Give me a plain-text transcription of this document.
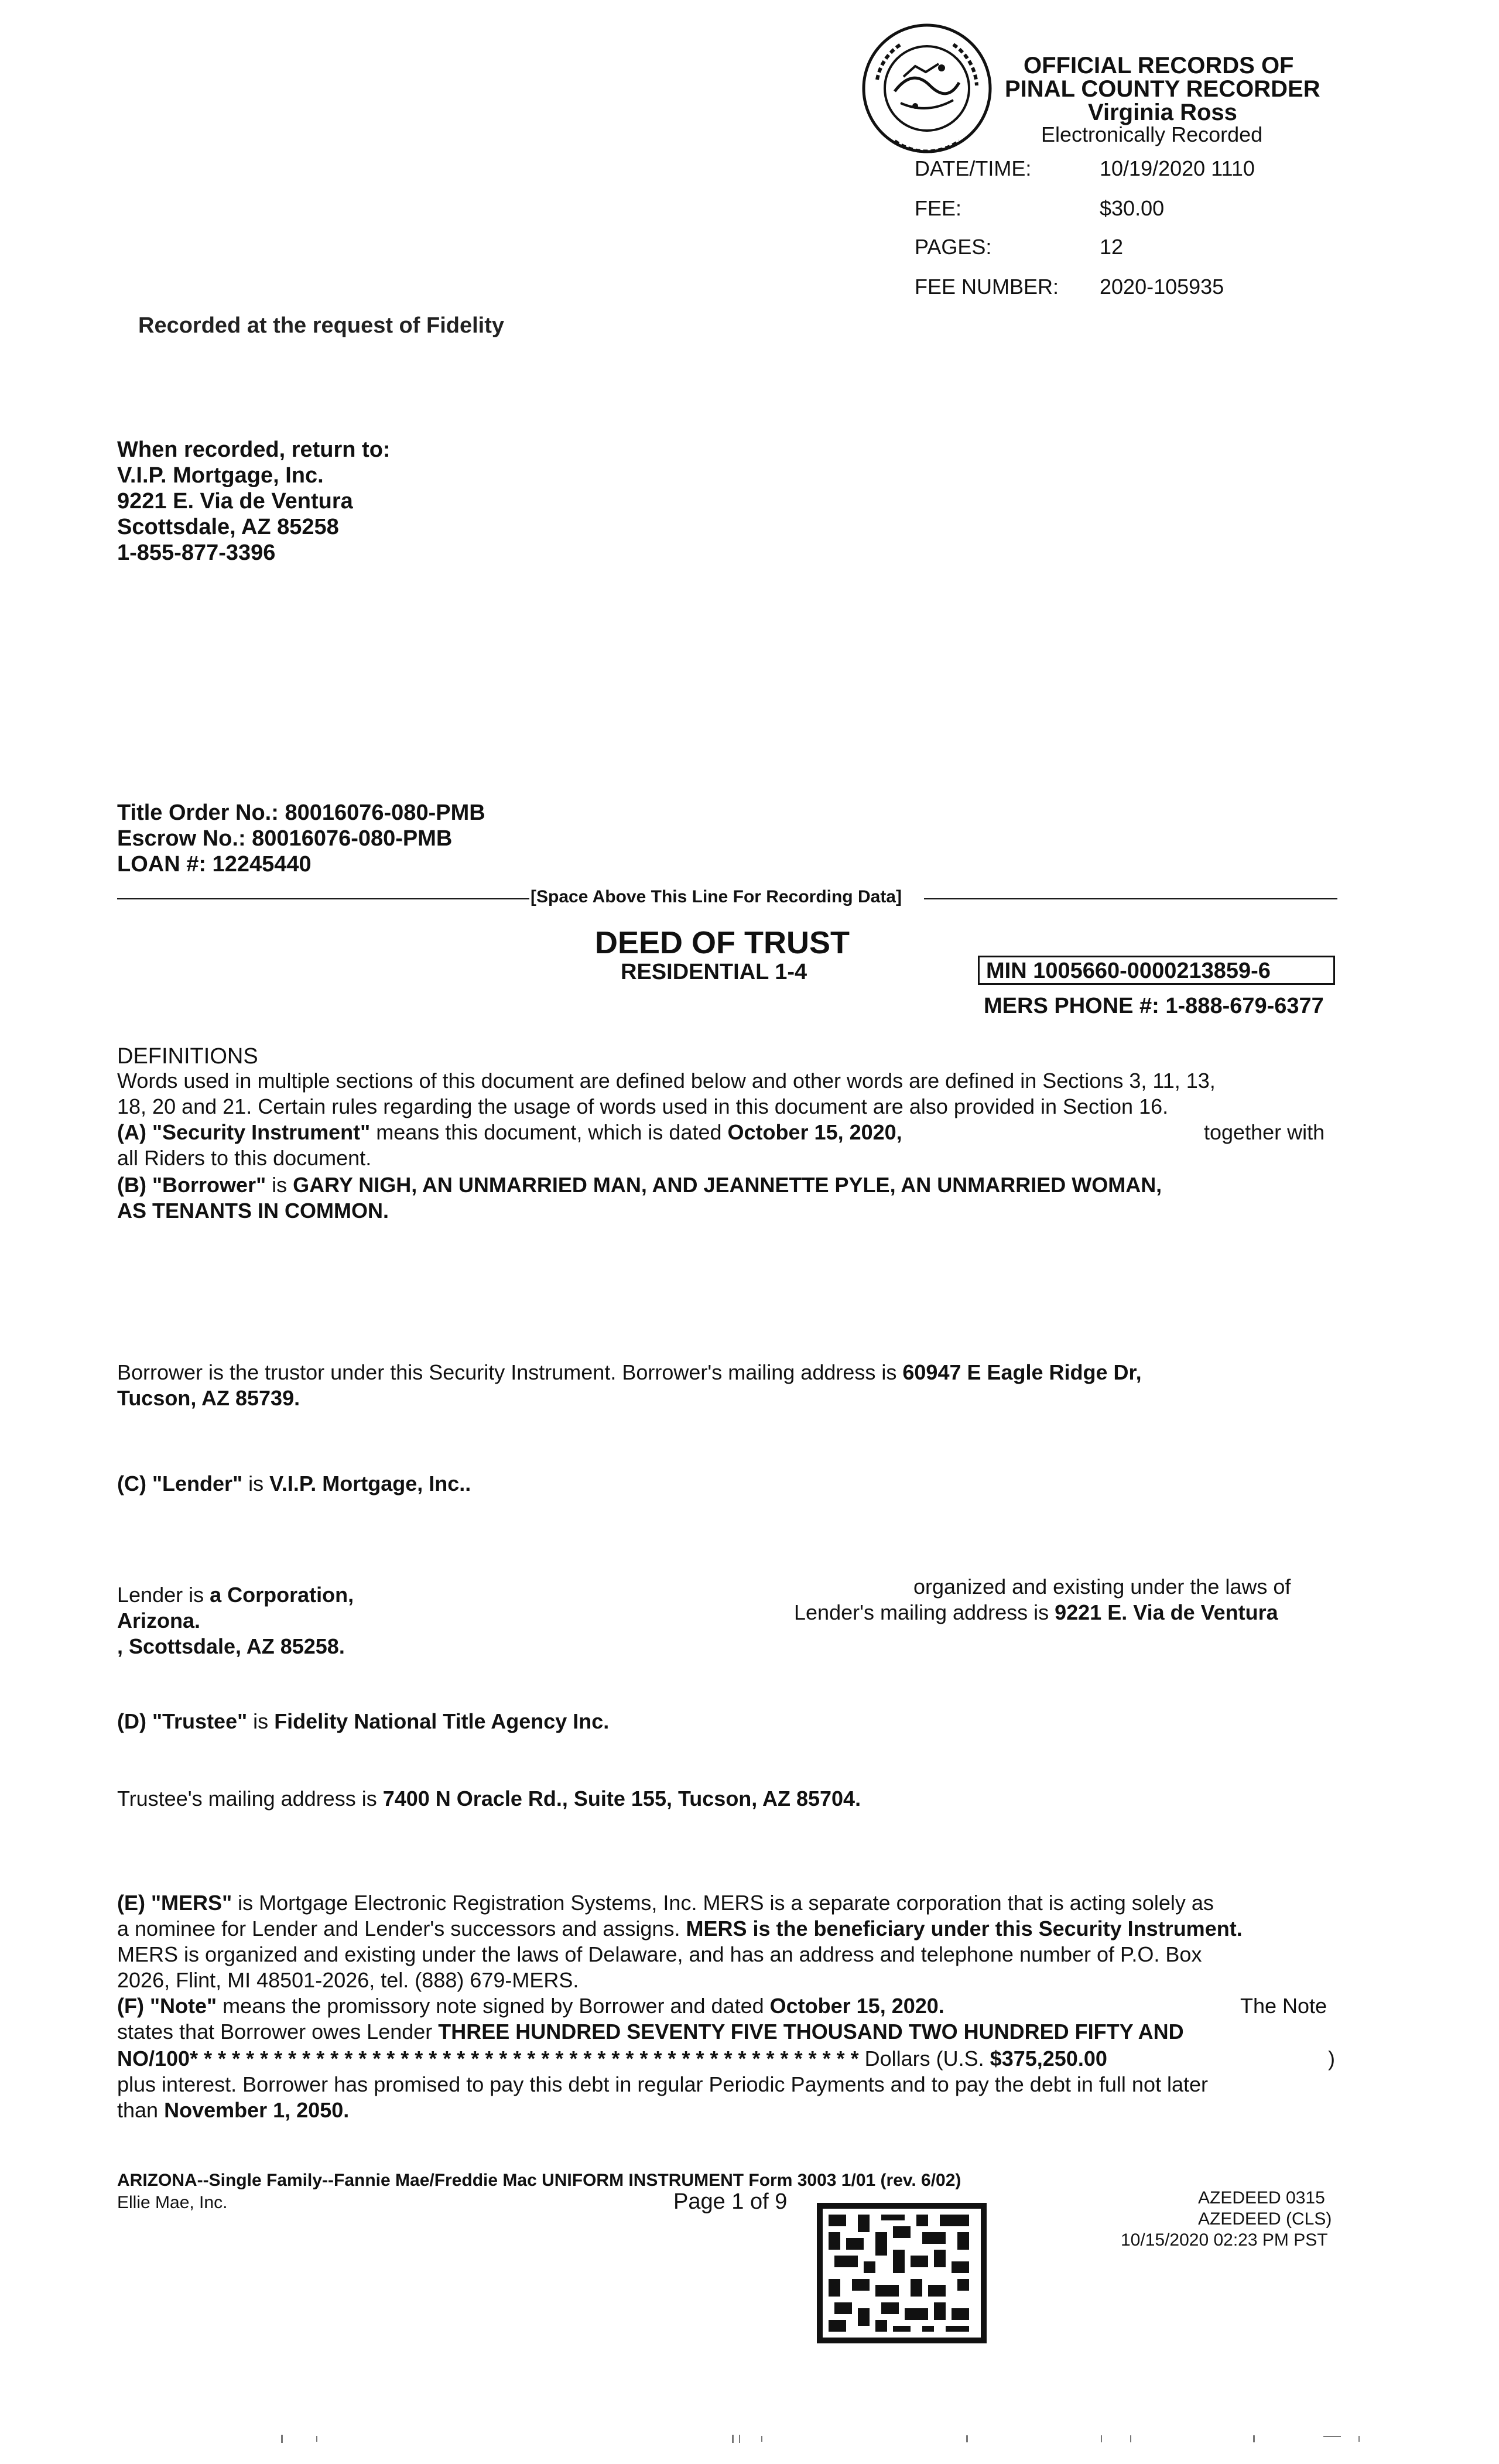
OFFICIAL RECORDS OF
PINAL COUNTY RECORDER
Virginia Ross
Electronically Recorded
DATE/TIME:	10/19/2020 1110
FEE:	$30.00
PAGES:	12
FEE NUMBER: 2020-105935
Recorded at the request of Fidelity
When recorded, return to:
V.I.P. Mortgage, Inc.
9221 E. Via de Ventura
Scottsdale, AZ 85258
1-855-877-3396
Title Order No.: 80016076-080-PMB
Escrow No.: 80016076-080-PMB
LOAN #: 12245440
[Space Above This Line For Recording Data]
DEED OF TRUST
RESIDENTIAL 1-4	MIN 1005660-0000213859-6
MERS PHONE #: 1-888-679-6377
DEFINITIONS
Words used in multiple sections of this document are defined below and other words are defined in Sections 3, 11, 13,
18, 20 and 21. Certain rules regarding the usage of words used in this document are also provided in Section 16.
(A) "Security Instrument" means this document, which is dated October 15, 2020,	together with
all Riders to this document.
(B) "Borrower" is GARY NIGH, AN UNMARRIED MAN, AND JEANNETTE PYLE, AN UNMARRIED WOMAN,
AS TENANTS IN COMMON.
Borrower is the trustor under this Security Instrument. Borrower's mailing address is 60947 E Eagle Ridge Dr,
Tucson, AZ 85739.
(C) "Lender" is V.I.P. Mortgage, Inc..
Lender is a Corporation,	organized and existing under the laws of
Arizona.	Lender's mailing address is 9221 E. Via de Ventura
, Scottsdale, AZ 85258.
(D) "Trustee" is Fidelity National Title Agency Inc.
Trustee's mailing address is 7400 N Oracle Rd., Suite 155, Tucson, AZ 85704.
(E) "MERS" is Mortgage Electronic Registration Systems, Inc. MERS is a separate corporation that is acting solely as
a nominee for Lender and Lender's successors and assigns. MERS is the beneficiary under this Security Instrument.
MERS is organized and existing under the laws of Delaware, and has an address and telephone number of P.O. Box
2026, Flint, MI 48501-2026, tel. (888) 679-MERS.
(F) "Note" means the promissory note signed by Borrower and dated October 15, 2020.	The Note
states that Borrower owes Lender THREE HUNDRED SEVENTY FIVE THOUSAND TWO HUNDRED FIFTY AND
NO/100* * * * * * * * * * * * * * * * * * * * * * * * * * * * * * * * * * * * * * * * * * * * * * * * Dollars (U.S. $375,250.00	)
plus interest. Borrower has promised to pay this debt in regular Periodic Payments and to pay the debt in full not later
than November 1, 2050.
ARIZONA--Single Family--Fannie Mae/Freddie Mac UNIFORM INSTRUMENT Form 3003 1/01 (rev. 6/02)
Ellie Mae, Inc.	Page 1 of 9	AZEDEED 0315
AZEDEED (CLS)
10/15/2020 02:23 PM PST
